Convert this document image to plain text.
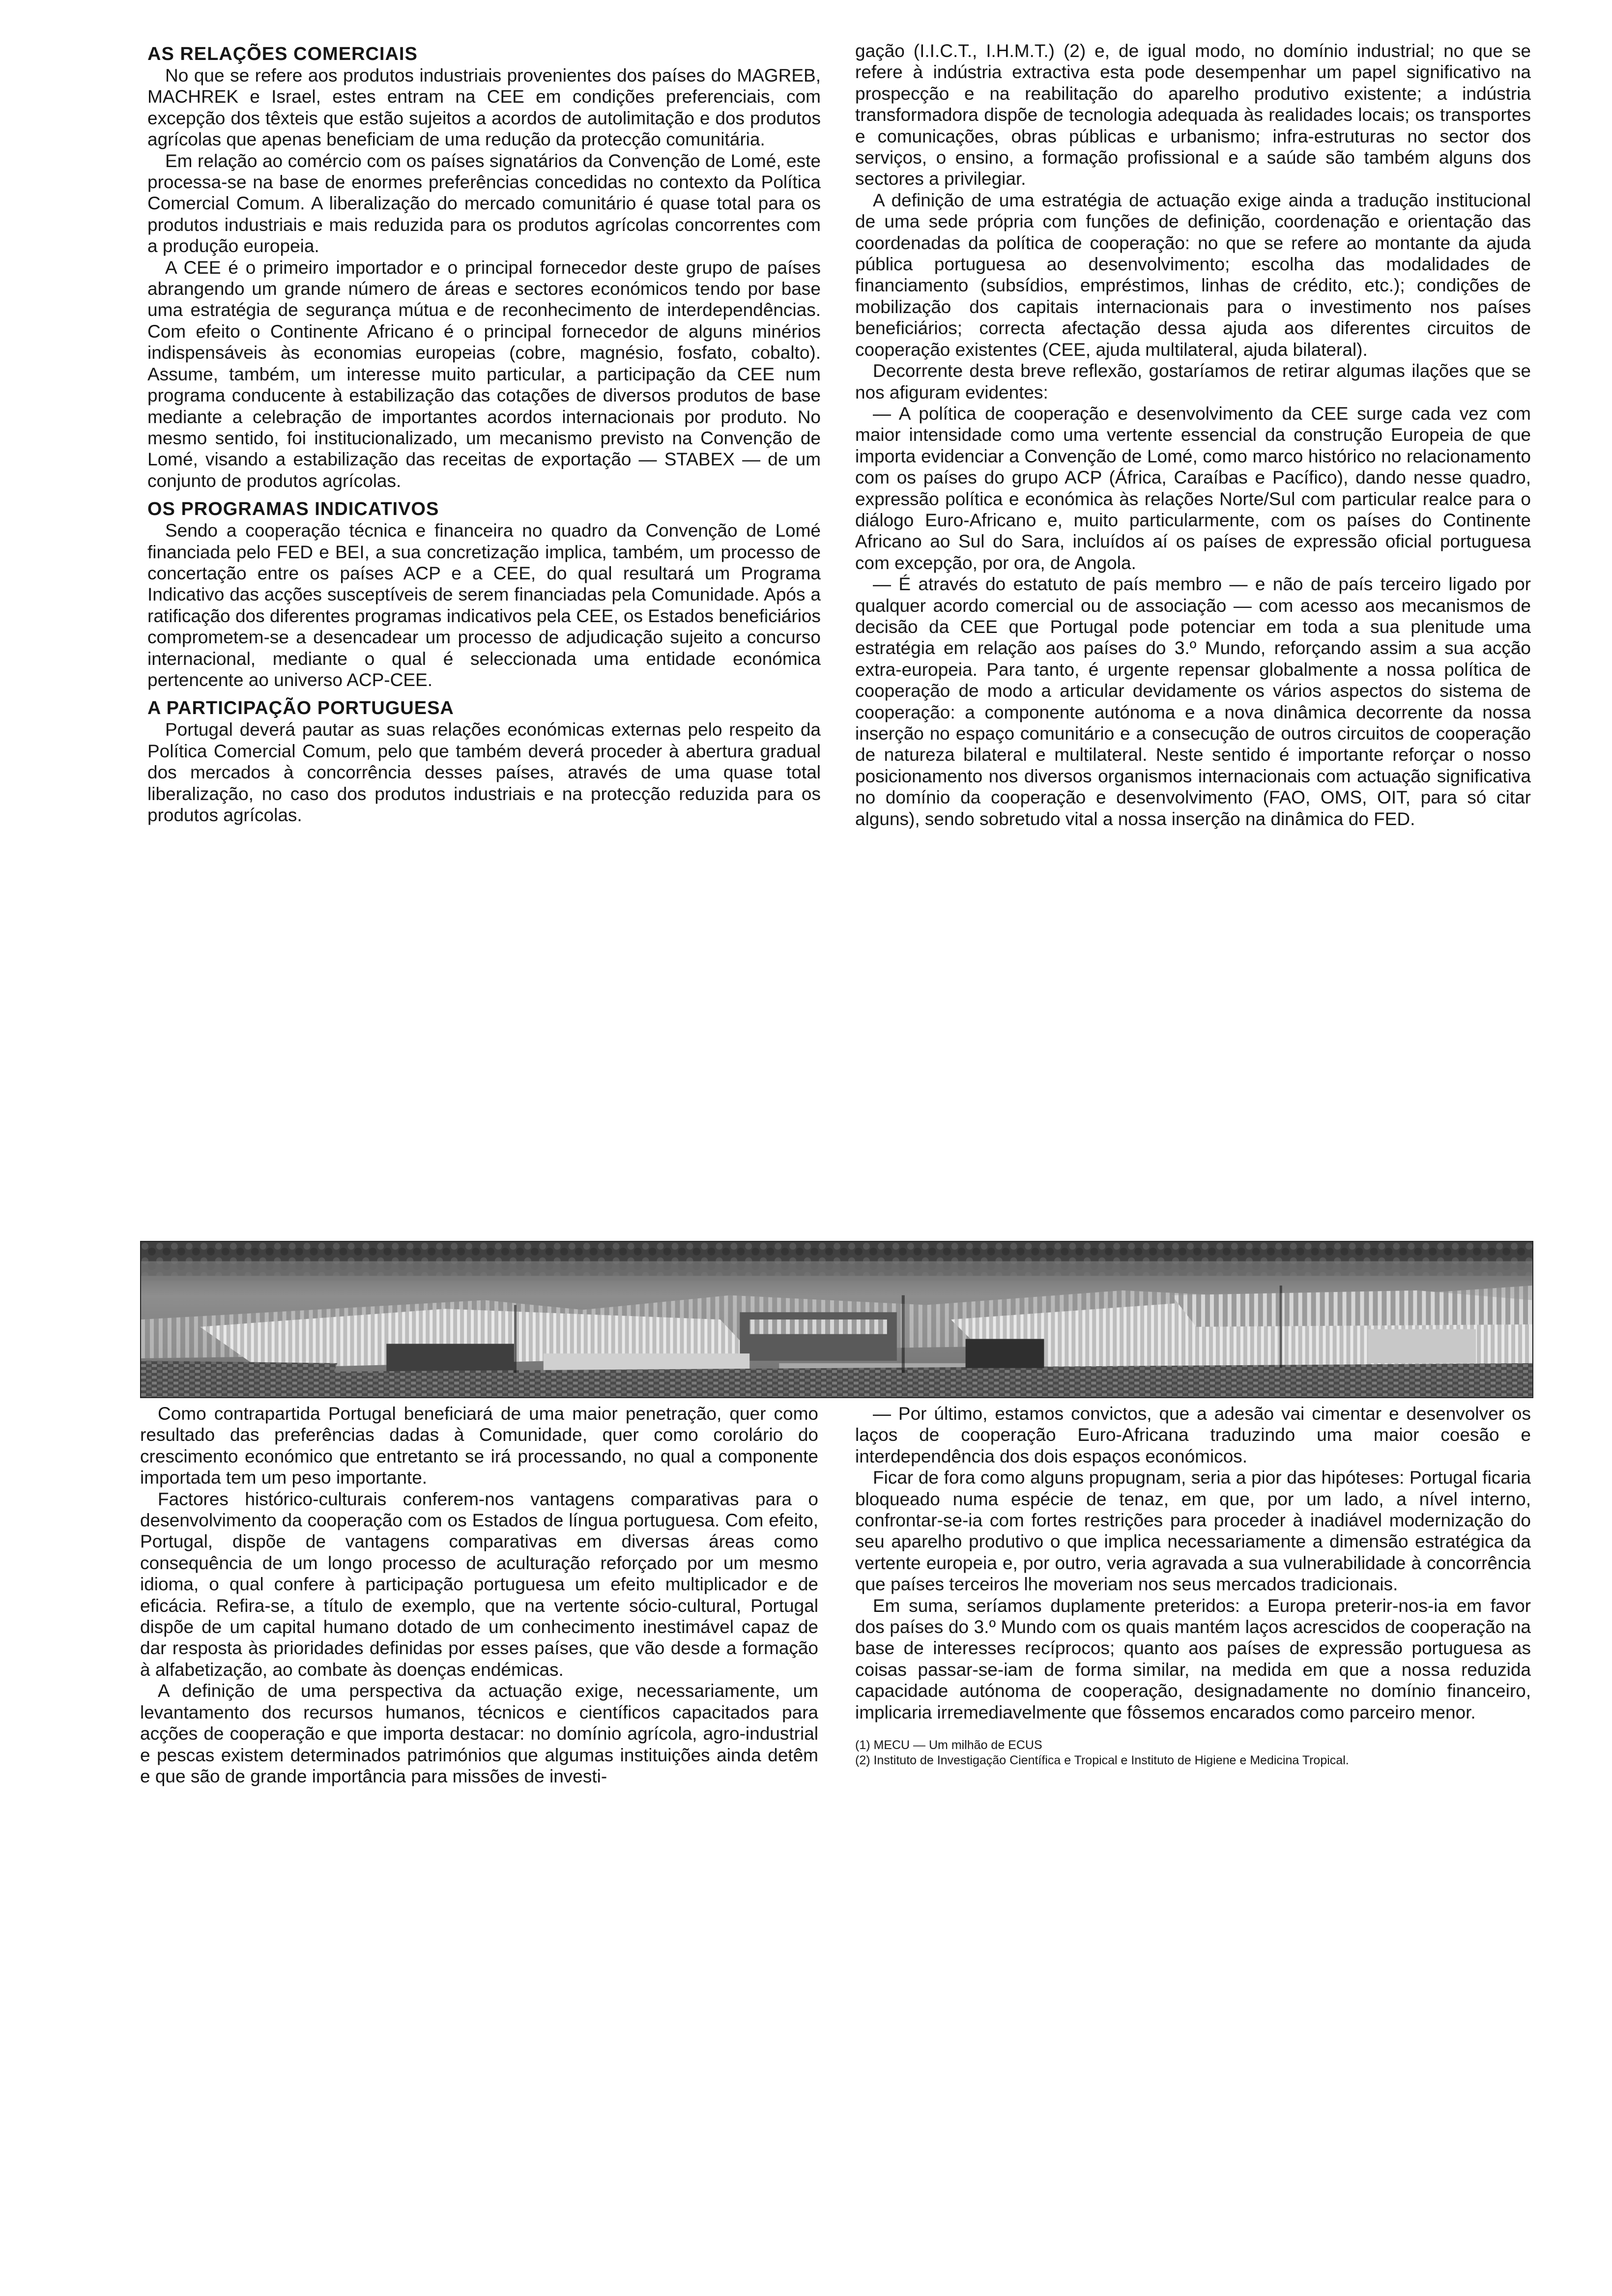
AS RELAÇÕES COMERCIAIS

No que se refere aos produtos industriais provenientes dos países do MAGREB, MACHREK e Israel, estes entram na CEE em condições preferenciais, com excepção dos têxteis que estão sujeitos a acordos de autolimitação e dos produtos agrícolas que apenas beneficiam de uma redução da protecção comunitária.

Em relação ao comércio com os países signatários da Convenção de Lomé, este processa-se na base de enormes preferências concedidas no contexto da Política Comercial Comum. A liberalização do mercado comunitário é quase total para os produtos industriais e mais reduzida para os produtos agrícolas concorrentes com a produção europeia.

A CEE é o primeiro importador e o principal fornecedor deste grupo de países abrangendo um grande número de áreas e sectores económicos tendo por base uma estratégia de segurança mútua e de reconhecimento de interdependências. Com efeito o Continente Africano é o principal fornecedor de alguns minérios indispensáveis às economias europeias (cobre, magnésio, fosfato, cobalto). Assume, também, um interesse muito particular, a participação da CEE num programa conducente à estabilização das cotações de diversos produtos de base mediante a celebração de importantes acordos internacionais por produto. No mesmo sentido, foi institucionalizado, um mecanismo previsto na Convenção de Lomé, visando a estabilização das receitas de exportação — STABEX — de um conjunto de produtos agrícolas.

OS PROGRAMAS INDICATIVOS

Sendo a cooperação técnica e financeira no quadro da Convenção de Lomé financiada pelo FED e BEI, a sua concretização implica, também, um processo de concertação entre os países ACP e a CEE, do qual resultará um Programa Indicativo das acções susceptíveis de serem financiadas pela Comunidade. Após a ratificação dos diferentes programas indicativos pela CEE, os Estados beneficiários comprometem-se a desencadear um processo de adjudicação sujeito a concurso internacional, mediante o qual é seleccionada uma entidade económica pertencente ao universo ACP-CEE.

A PARTICIPAÇÃO PORTUGUESA

Portugal deverá pautar as suas relações económicas externas pelo respeito da Política Comercial Comum, pelo que também deverá proceder à abertura gradual dos mercados à concorrência desses países, através de uma quase total liberalização, no caso dos produtos industriais e na protecção reduzida para os produtos agrícolas.

gação (I.I.C.T., I.H.M.T.) (2) e, de igual modo, no domínio industrial; no que se refere à indústria extractiva esta pode desempenhar um papel significativo na prospecção e na reabilitação do aparelho produtivo existente; a indústria transformadora dispõe de tecnologia adequada às realidades locais; os transportes e comunicações, obras públicas e urbanismo; infra-estruturas no sector dos serviços, o ensino, a formação profissional e a saúde são também alguns dos sectores a privilegiar.

A definição de uma estratégia de actuação exige ainda a tradução institucional de uma sede própria com funções de definição, coordenação e orientação das coordenadas da política de cooperação: no que se refere ao montante da ajuda pública portuguesa ao desenvolvimento; escolha das modalidades de financiamento (subsídios, empréstimos, linhas de crédito, etc.); condições de mobilização dos capitais internacionais para o investimento nos países beneficiários; correcta afectação dessa ajuda aos diferentes circuitos de cooperação existentes (CEE, ajuda multilateral, ajuda bilateral).

Decorrente desta breve reflexão, gostaríamos de retirar algumas ilações que se nos afiguram evidentes:

— A política de cooperação e desenvolvimento da CEE surge cada vez com maior intensidade como uma vertente essencial da construção Europeia de que importa evidenciar a Convenção de Lomé, como marco histórico no relacionamento com os países do grupo ACP (África, Caraíbas e Pacífico), dando nesse quadro, expressão política e económica às relações Norte/Sul com particular realce para o diálogo Euro-Africano e, muito particularmente, com os países do Continente Africano ao Sul do Sara, incluídos aí os países de expressão oficial portuguesa com excepção, por ora, de Angola.

— É através do estatuto de país membro — e não de país terceiro ligado por qualquer acordo comercial ou de associação — com acesso aos mecanismos de decisão da CEE que Portugal pode potenciar em toda a sua plenitude uma estratégia em relação aos países do 3.º Mundo, reforçando assim a sua acção extra-europeia. Para tanto, é urgente repensar globalmente a nossa política de cooperação de modo a articular devidamente os vários aspectos do sistema de cooperação: a componente autónoma e a nova dinâmica decorrente da nossa inserção no espaço comunitário e a consecução de outros circuitos de cooperação de natureza bilateral e multilateral. Neste sentido é importante reforçar o nosso posicionamento nos diversos organismos internacionais com actuação significativa no domínio da cooperação e desenvolvimento (FAO, OMS, OIT, para só citar alguns), sendo sobretudo vital a nossa inserção na dinâmica do FED.

Como contrapartida Portugal beneficiará de uma maior penetração, quer como resultado das preferências dadas à Comunidade, quer como corolário do crescimento económico que entretanto se irá processando, no qual a componente importada tem um peso importante.

Factores histórico-culturais conferem-nos vantagens comparativas para o desenvolvimento da cooperação com os Estados de língua portuguesa. Com efeito, Portugal, dispõe de vantagens comparativas em diversas áreas como consequência de um longo processo de aculturação reforçado por um mesmo idioma, o qual confere à participação portuguesa um efeito multiplicador e de eficácia. Refira-se, a título de exemplo, que na vertente sócio-cultural, Portugal dispõe de um capital humano dotado de um conhecimento inestimável capaz de dar resposta às prioridades definidas por esses países, que vão desde a formação à alfabetização, ao combate às doenças endémicas.

A definição de uma perspectiva da actuação exige, necessariamente, um levantamento dos recursos humanos, técnicos e científicos capacitados para acções de cooperação e que importa destacar: no domínio agrícola, agro-industrial e pescas existem determinados patrimónios que algumas instituições ainda detêm e que são de grande importância para missões de investi-

— Por último, estamos convictos, que a adesão vai cimentar e desenvolver os laços de cooperação Euro-Africana traduzindo uma maior coesão e interdependência dos dois espaços económicos.

Ficar de fora como alguns propugnam, seria a pior das hipóteses: Portugal ficaria bloqueado numa espécie de tenaz, em que, por um lado, a nível interno, confrontar-se-ia com fortes restrições para proceder à inadiável modernização do seu aparelho produtivo o que implica necessariamente a dimensão estratégica da vertente europeia e, por outro, veria agravada a sua vulnerabilidade à concorrência que países terceiros lhe moveriam nos seus mercados tradicionais.

Em suma, seríamos duplamente preteridos: a Europa preterir-nos-ia em favor dos países do 3.º Mundo com os quais mantém laços acrescidos de cooperação na base de interesses recíprocos; quanto aos países de expressão portuguesa as coisas passar-se-iam de forma similar, na medida em que a nossa reduzida capacidade autónoma de cooperação, designadamente no domínio financeiro, implicaria irremediavelmente que fôssemos encarados como parceiro menor.

(1) MECU — Um milhão de ECUS

(2) Instituto de Investigação Científica e Tropical e Instituto de Higiene e Medicina Tropical.
